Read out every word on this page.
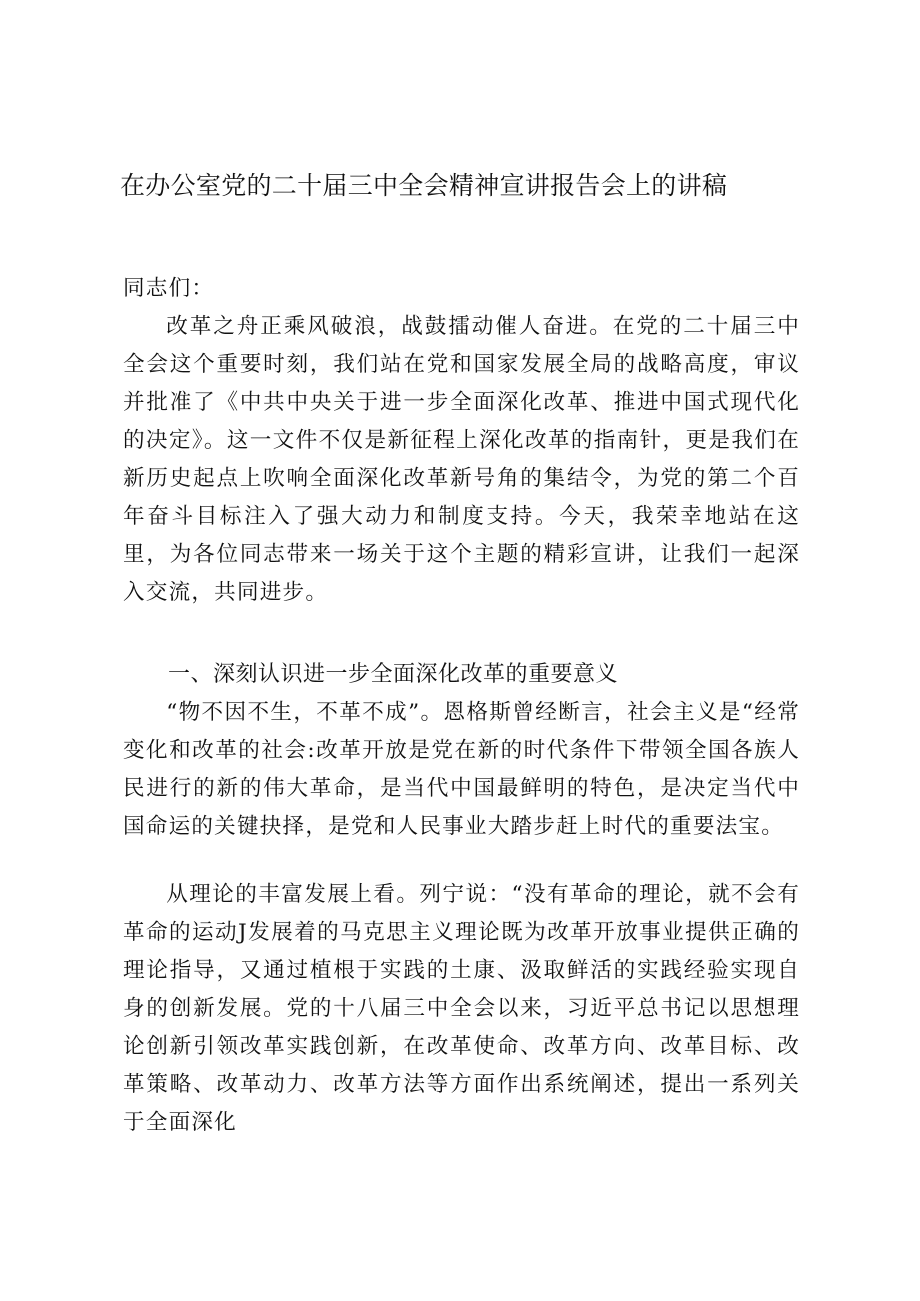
在办公室党的二十届三中全会精神宣讲报告会上的讲稿

同志们：

改革之舟正乘风破浪，战鼓擂动催人奋进。在党的二十届三中全会这个重要时刻，我们站在党和国家发展全局的战略高度，审议并批准了《中共中央关于进一步全面深化改革、推进中国式现代化的决定》。这一文件不仅是新征程上深化改革的指南针，更是我们在新历史起点上吹响全面深化改革新号角的集结令，为党的第二个百年奋斗目标注入了强大动力和制度支持。今天，我荣幸地站在这里，为各位同志带来一场关于这个主题的精彩宣讲，让我们一起深入交流，共同进步。

一、深刻认识进一步全面深化改革的重要意义

“物不因不生，不革不成”。恩格斯曾经断言，社会主义是“经常变化和改革的社会:改革开放是党在新的时代条件下带领全国各族人民进行的新的伟大革命，是当代中国最鲜明的特色，是决定当代中国命运的关键抉择，是党和人民事业大踏步赶上时代的重要法宝。

从理论的丰富发展上看。列宁说：“没有革命的理论，就不会有革命的运动J发展着的马克思主义理论既为改革开放事业提供正确的理论指导，又通过植根于实践的土康、汲取鲜活的实践经验实现自身的创新发展。党的十八届三中全会以来，习近平总书记以思想理论创新引领改革实践创新，在改革使命、改革方向、改革目标、改革策略、改革动力、改革方法等方面作出系统阐述，提出一系列关于全面深化
